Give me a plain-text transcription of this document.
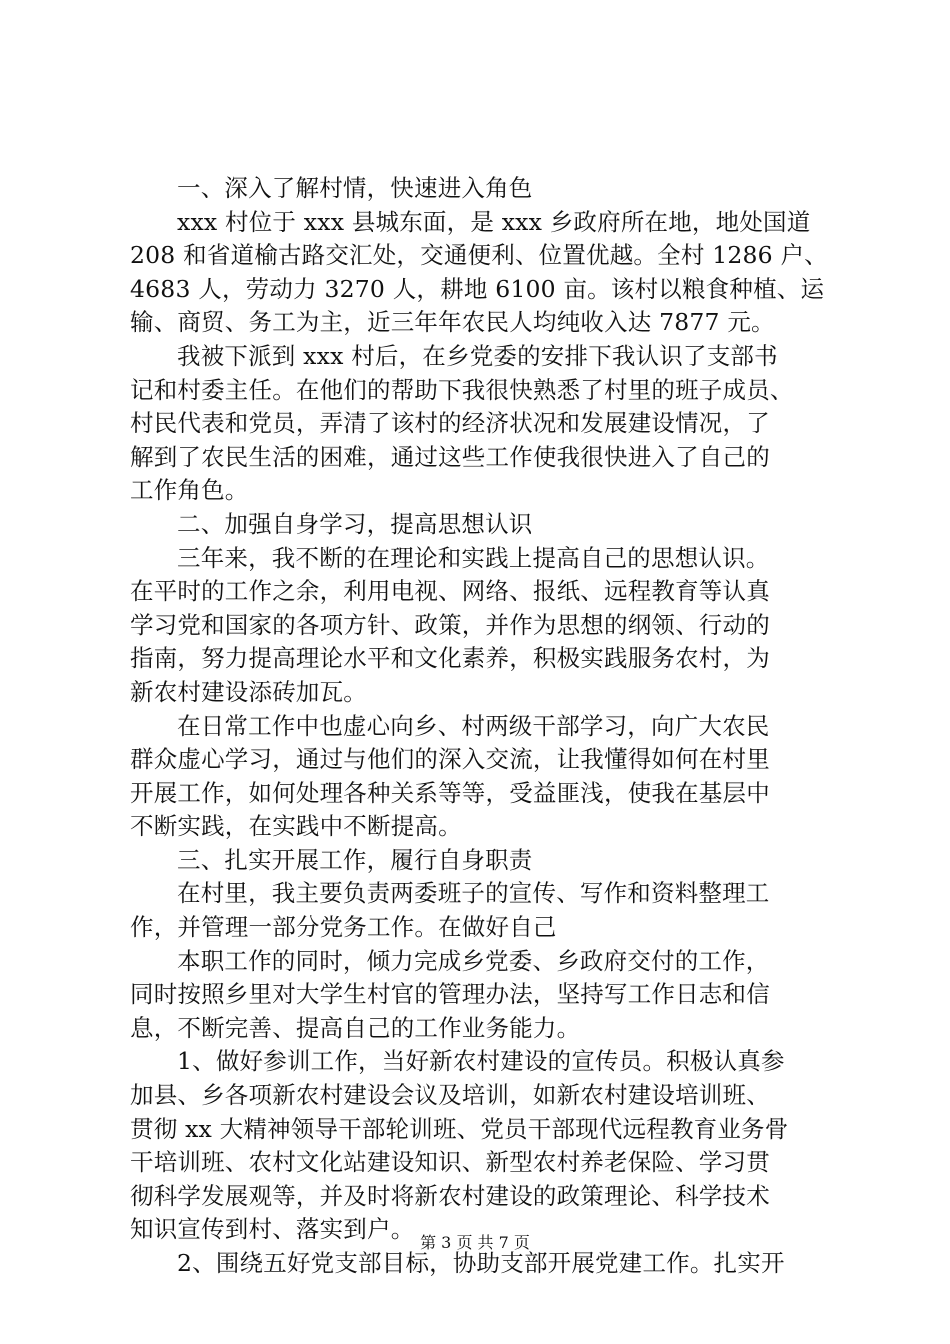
一、深入了解村情，快速进入角色
xxx 村位于 xxx 县城东面，是 xxx 乡政府所在地，地处国道
208 和省道榆古路交汇处，交通便利、位置优越。全村 1286 户、
4683 人，劳动力 3270 人，耕地 6100 亩。该村以粮食种植、运
输、商贸、务工为主，近三年年农民人均纯收入达 7877 元。
我被下派到 xxx 村后，在乡党委的安排下我认识了支部书
记和村委主任。在他们的帮助下我很快熟悉了村里的班子成员、
村民代表和党员，弄清了该村的经济状况和发展建设情况，了
解到了农民生活的困难，通过这些工作使我很快进入了自己的
工作角色。
二、加强自身学习，提高思想认识
三年来，我不断的在理论和实践上提高自己的思想认识。
在平时的工作之余，利用电视、网络、报纸、远程教育等认真
学习党和国家的各项方针、政策，并作为思想的纲领、行动的
指南，努力提高理论水平和文化素养，积极实践服务农村，为
新农村建设添砖加瓦。
在日常工作中也虚心向乡、村两级干部学习，向广大农民
群众虚心学习，通过与他们的深入交流，让我懂得如何在村里
开展工作，如何处理各种关系等等，受益匪浅，使我在基层中
不断实践，在实践中不断提高。
三、扎实开展工作，履行自身职责
在村里，我主要负责两委班子的宣传、写作和资料整理工
作，并管理一部分党务工作。在做好自己
本职工作的同时，倾力完成乡党委、乡政府交付的工作，
同时按照乡里对大学生村官的管理办法，坚持写工作日志和信
息，不断完善、提高自己的工作业务能力。
1、做好参训工作，当好新农村建设的宣传员。积极认真参
加县、乡各项新农村建设会议及培训，如新农村建设培训班、
贯彻 xx 大精神领导干部轮训班、党员干部现代远程教育业务骨
干培训班、农村文化站建设知识、新型农村养老保险、学习贯
彻科学发展观等，并及时将新农村建设的政策理论、科学技术
知识宣传到村、落实到户。
2、围绕五好党支部目标，协助支部开展党建工作。扎实开
第 3 页 共 7 页
